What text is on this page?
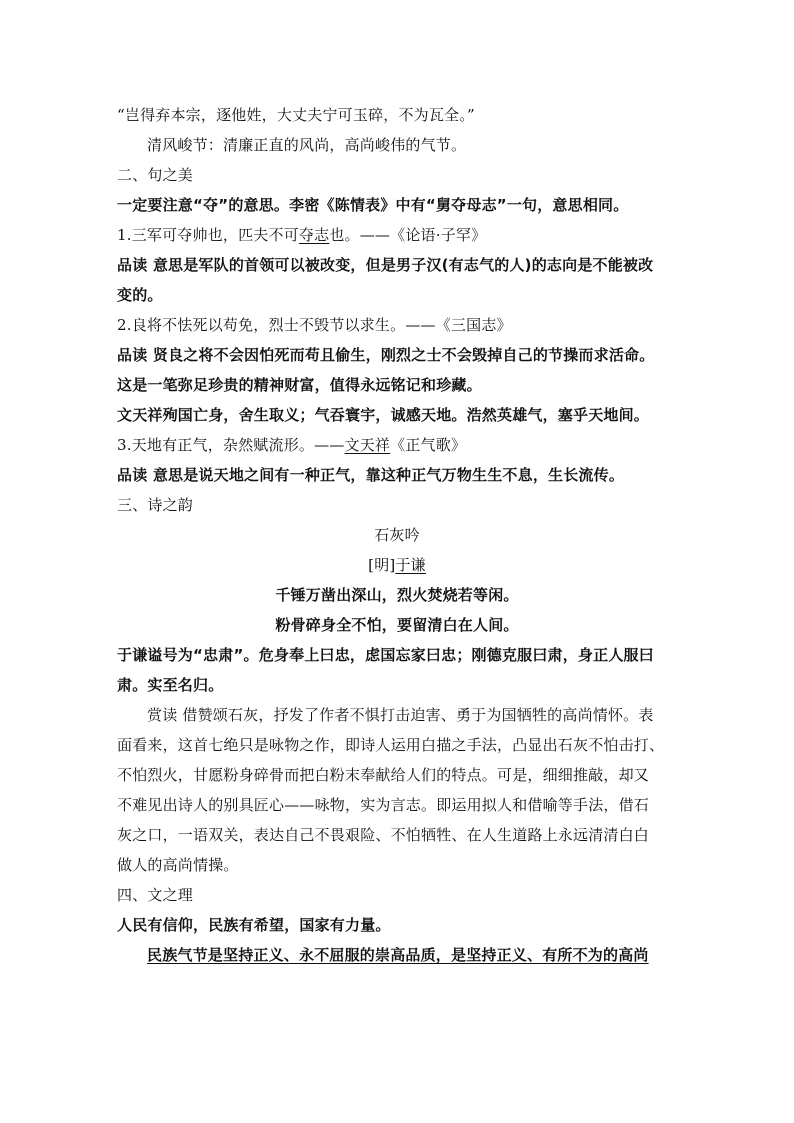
“岂得弃本宗，逐他姓，大丈夫宁可玉碎，不为瓦全。”
清风峻节：清廉正直的风尚，高尚峻伟的气节。
二、句之美
一定要注意“夺”的意思。李密《陈情表》中有“舅夺母志”一句，意思相同。
1.三军可夺帅也，匹夫不可夺志也。——《论语·子罕》
品读 意思是军队的首领可以被改变，但是男子汉(有志气的人)的志向是不能被改
变的。
2.良将不怯死以苟免，烈士不毁节以求生。——《三国志》
品读 贤良之将不会因怕死而苟且偷生，刚烈之士不会毁掉自己的节操而求活命。
这是一笔弥足珍贵的精神财富，值得永远铭记和珍藏。
文天祥殉国亡身，舍生取义；气吞寰宇，诚感天地。浩然英雄气，塞乎天地间。
3.天地有正气，杂然赋流形。——文天祥《正气歌》
品读 意思是说天地之间有一种正气，靠这种正气万物生生不息，生长流传。
三、诗之韵
石灰吟
[明]于谦
千锤万凿出深山，烈火焚烧若等闲。
粉骨碎身全不怕，要留清白在人间。
于谦谥号为“忠肃”。危身奉上曰忠，虑国忘家曰忠；刚德克服曰肃，身正人服曰
肃。实至名归。
赏读 借赞颂石灰，抒发了作者不惧打击迫害、勇于为国牺牲的高尚情怀。表
面看来，这首七绝只是咏物之作，即诗人运用白描之手法，凸显出石灰不怕击打、
不怕烈火，甘愿粉身碎骨而把白粉末奉献给人们的特点。可是，细细推敲，却又
不难见出诗人的别具匠心——咏物，实为言志。即运用拟人和借喻等手法，借石
灰之口，一语双关，表达自己不畏艰险、不怕牺牲、在人生道路上永远清清白白
做人的高尚情操。
四、文之理
人民有信仰，民族有希望，国家有力量。
民族气节是坚持正义、永不屈服的崇高品质，是坚持正义、有所不为的高尚
